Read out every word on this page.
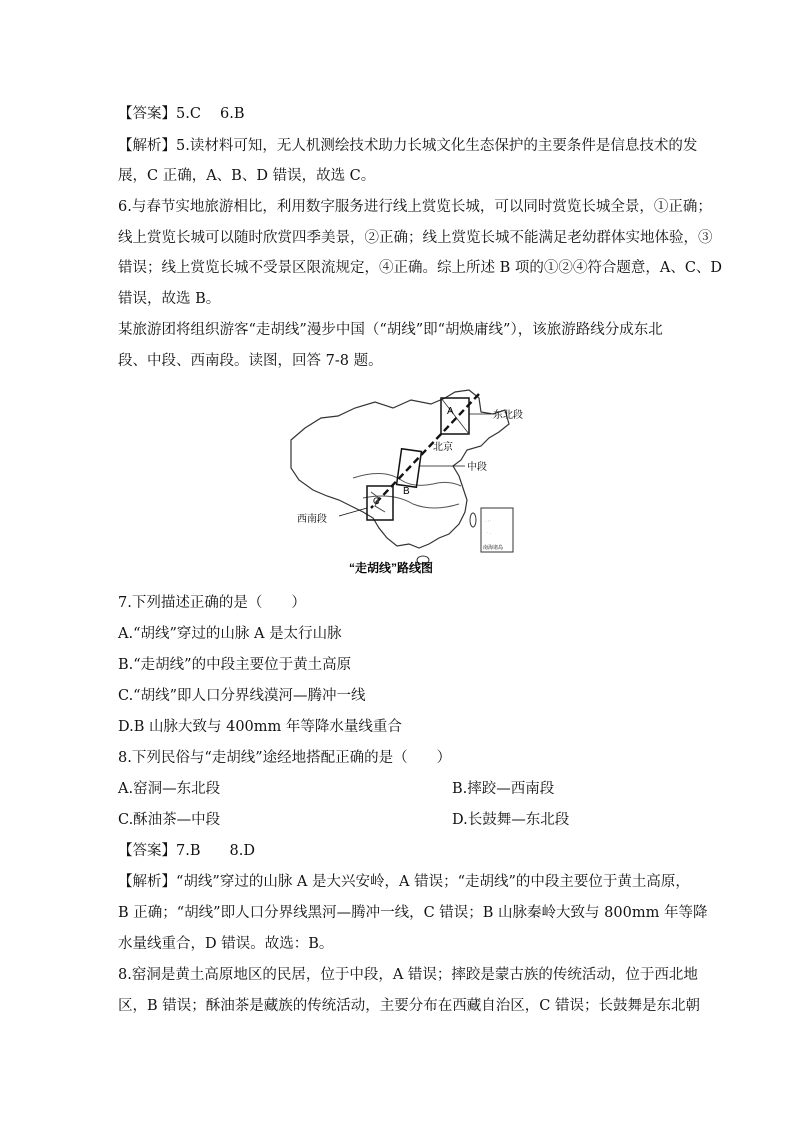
【答案】5.C　 6.B
【解析】5.读材料可知，无人机测绘技术助力长城文化生态保护的主要条件是信息技术的发
展，C 正确，A、B、D 错误，故选 C。
6.与春节实地旅游相比，利用数字服务进行线上赏览长城，可以同时赏览长城全景，①正确；
线上赏览长城可以随时欣赏四季美景，②正确；线上赏览长城不能满足老幼群体实地体验，③
错误；线上赏览长城不受景区限流规定，④正确。综上所述 B 项的①②④符合题意，A、C、D
错误，故选 B。
某旅游团将组织游客“走胡线”漫步中国（“胡线”即“胡焕庸线”），该旅游路线分成东北
段、中段、西南段。读图，回答 7-8 题。
. : ·
· .
A
北京
东北段
中段
B
C
西南段
南海诸岛
“走胡线”路线图
7.下列描述正确的是（　　）
A.“胡线”穿过的山脉 A 是太行山脉
B.“走胡线”的中段主要位于黄土高原
C.“胡线”即人口分界线漠河—腾冲一线
D.B 山脉大致与 400mm 年等降水量线重合
8.下列民俗与“走胡线”途经地搭配正确的是（　　）
A.窑洞—东北段	B.摔跤—西南段
C.酥油茶—中段	D.长鼓舞—东北段
【答案】7.B　　8.D
【解析】“胡线”穿过的山脉 A 是大兴安岭，A 错误；“走胡线”的中段主要位于黄土高原，
B 正确；“胡线”即人口分界线黑河—腾冲一线，C 错误；B 山脉秦岭大致与 800mm 年等降
水量线重合，D 错误。故选：B。
8.窑洞是黄土高原地区的民居，位于中段，A 错误；摔跤是蒙古族的传统活动，位于西北地
区，B 错误；酥油茶是藏族的传统活动，主要分布在西藏自治区，C 错误；长鼓舞是东北朝
